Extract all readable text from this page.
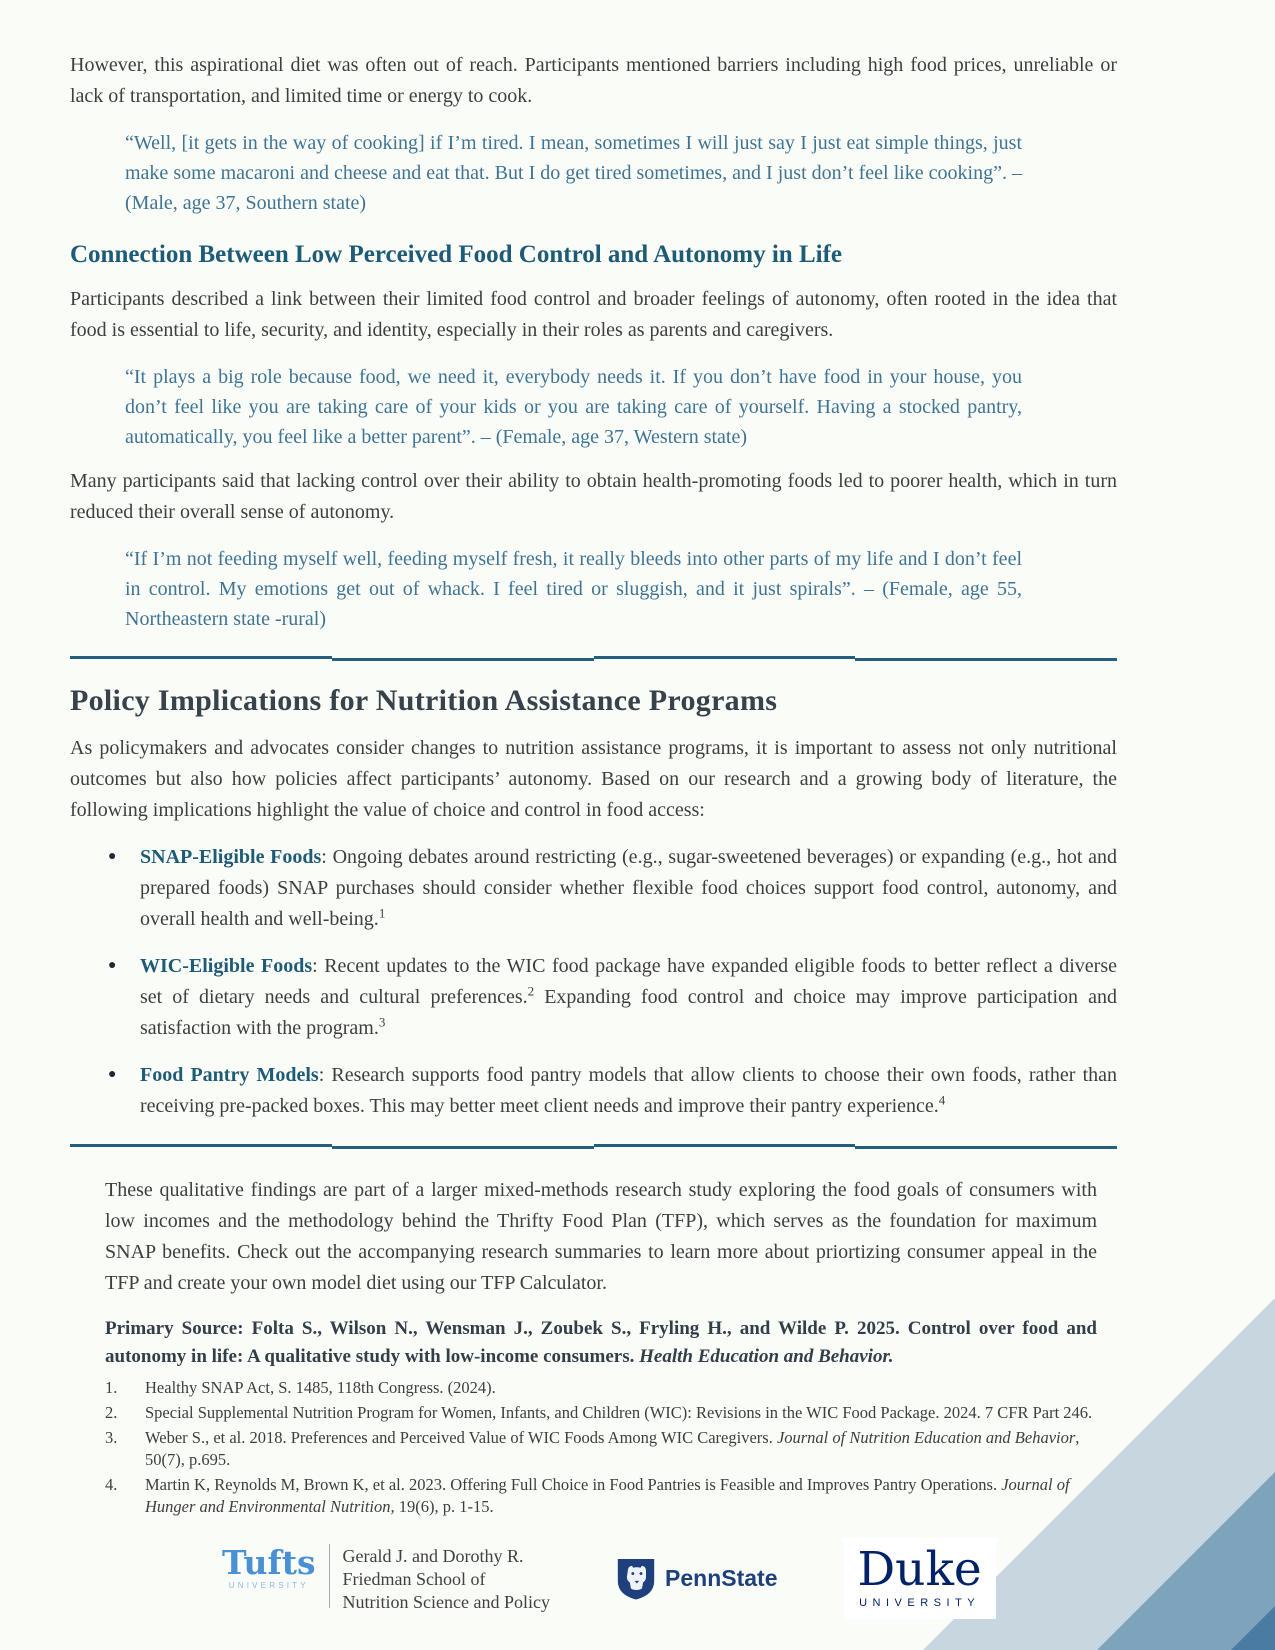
However, this aspirational diet was often out of reach. Participants mentioned barriers including high food prices, unreliable or lack of transportation, and limited time or energy to cook.

“Well, [it gets in the way of cooking] if I’m tired. I mean, sometimes I will just say I just eat simple things, just make some macaroni and cheese and eat that. But I do get tired sometimes, and I just don’t feel like cooking”. – (Male, age 37, Southern state)

Connection Between Low Perceived Food Control and Autonomy in Life

Participants described a link between their limited food control and broader feelings of autonomy, often rooted in the idea that food is essential to life, security, and identity, especially in their roles as parents and caregivers.

“It plays a big role because food, we need it, everybody needs it. If you don’t have food in your house, you don’t feel like you are taking care of your kids or you are taking care of yourself. Having a stocked pantry, automatically, you feel like a better parent”. – (Female, age 37, Western state)

Many participants said that lacking control over their ability to obtain health-promoting foods led to poorer health, which in turn reduced their overall sense of autonomy.

“If I’m not feeding myself well, feeding myself fresh, it really bleeds into other parts of my life and I don’t feel in control. My emotions get out of whack. I feel tired or sluggish, and it just spirals”. – (Female, age 55, Northeastern state -rural)

Policy Implications for Nutrition Assistance Programs

As policymakers and advocates consider changes to nutrition assistance programs, it is important to assess not only nutritional outcomes but also how policies affect participants’ autonomy. Based on our research and a growing body of literature, the following implications highlight the value of choice and control in food access:

● SNAP-Eligible Foods: Ongoing debates around restricting (e.g., sugar-sweetened beverages) or expanding (e.g., hot and prepared foods) SNAP purchases should consider whether flexible food choices support food control, autonomy, and overall health and well-being.$^1$
● WIC-Eligible Foods: Recent updates to the WIC food package have expanded eligible foods to better reflect a diverse set of dietary needs and cultural preferences.$^2$ Expanding food control and choice may improve participation and satisfaction with the program.$^3$
● Food Pantry Models: Research supports food pantry models that allow clients to choose their own foods, rather than receiving pre-packed boxes. This may better meet client needs and improve their pantry experience.$^4$

These qualitative findings are part of a larger mixed-methods research study exploring the food goals of consumers with low incomes and the methodology behind the Thrifty Food Plan (TFP), which serves as the foundation for maximum SNAP benefits. Check out the accompanying research summaries to learn more about priortizing consumer appeal in the TFP and create your own model diet using our TFP Calculator.

Primary Source: Folta S., Wilson N., Wensman J., Zoubek S., Fryling H., and Wilde P. 2025. Control over food and autonomy in life: A qualitative study with low-income consumers. Health Education and Behavior.

1.	Healthy SNAP Act, S. 1485, 118th Congress. (2024).
2.	Special Supplemental Nutrition Program for Women, Infants, and Children (WIC): Revisions in the WIC Food Package. 2024. 7 CFR Part 246.
3.	Weber S., et al. 2018. Preferences and Perceived Value of WIC Foods Among WIC Caregivers. Journal of Nutrition Education and Behavior, 50(7), p.695.
4.	Martin K, Reynolds M, Brown K, et al. 2023. Offering Full Choice in Food Pantries is Feasible and Improves Pantry Operations. Journal of Hunger and Environmental Nutrition, 19(6), p. 1-15.
Tufts
UNIVERSITY
Gerald J. and Dorothy R.
Friedman School of
Nutrition Science and Policy
PennState Duke
UNIVERSITY
